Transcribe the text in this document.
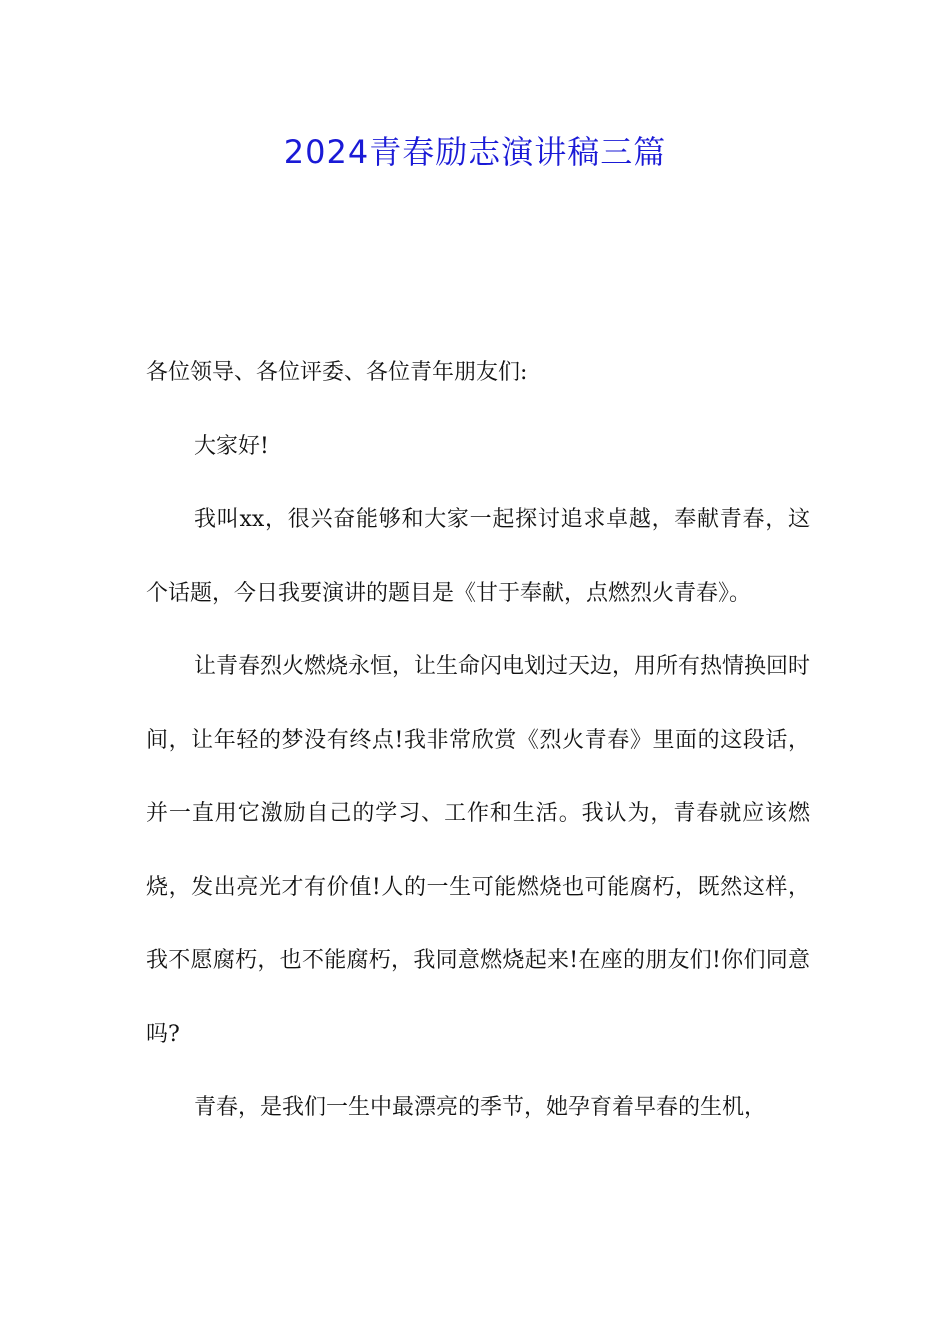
2024青春励志演讲稿三篇

各位领导、各位评委、各位青年朋友们:

大家好!

我叫xx，很兴奋能够和大家一起探讨追求卓越，奉献青春，这个话题，今日我要演讲的题目是《甘于奉献，点燃烈火青春》。

让青春烈火燃烧永恒，让生命闪电划过天边，用所有热情换回时间，让年轻的梦没有终点!我非常欣赏《烈火青春》里面的这段话，并一直用它激励自己的学习、工作和生活。我认为，青春就应该燃烧，发出亮光才有价值!人的一生可能燃烧也可能腐朽，既然这样，我不愿腐朽，也不能腐朽，我同意燃烧起来!在座的朋友们!你们同意吗?

青春，是我们一生中最漂亮的季节，她孕育着早春的生机，
